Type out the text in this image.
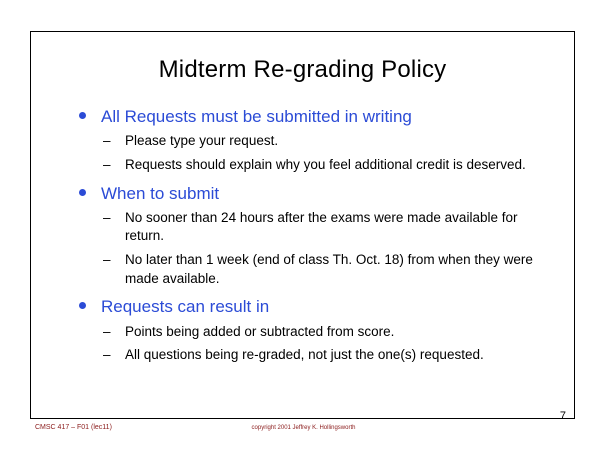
Midterm Re-grading Policy
All Requests must be submitted in writing
– Please type your request.
– Requests should explain why you feel additional credit is deserved.
When to submit
– No sooner than 24 hours after the exams were made available for return.
– No later than 1 week (end of class Th. Oct. 18) from when they were made available.
Requests can result in
– Points being added or subtracted from score.
– All questions being re-graded, not just the one(s) requested.
7
CMSC 417 – F01 (lec11)	copyright 2001 Jeffrey K. Hollingsworth
